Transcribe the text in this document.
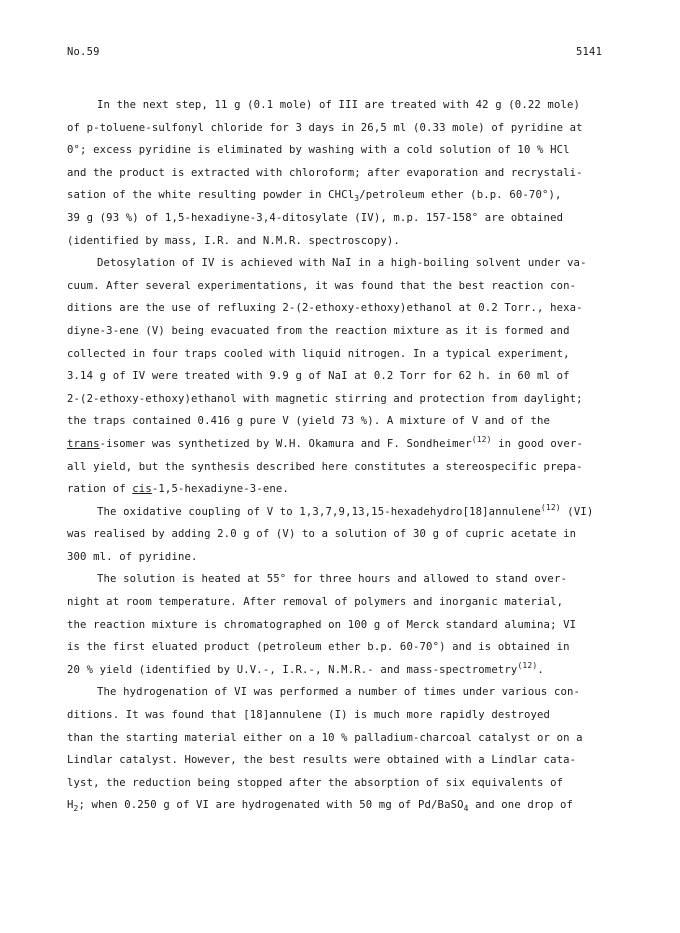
No.59	5141
In the next step, 11 g (0.1 mole) of III are treated with 42 g (0.22 mole)
of p-toluene-sulfonyl chloride for 3 days in 26,5 ml (0.33 mole) of pyridine at
0°; excess pyridine is eliminated by washing with a cold solution of 10 % HCl
and the product is extracted with chloroform; after evaporation and recrystali-
sation of the white resulting powder in CHCl$_3$/petroleum ether (b.p. 60-70°),
39 g (93 %) of 1,5-hexadiyne-3,4-ditosylate (IV), m.p. 157-158° are obtained
(identified by mass, I.R. and N.M.R. spectroscopy).
Detosylation of IV is achieved with NaI in a high-boiling solvent under va-
cuum. After several experimentations, it was found that the best reaction con-
ditions are the use of refluxing 2-(2-ethoxy-ethoxy)ethanol at 0.2 Torr., hexa-
diyne-3-ene (V) being evacuated from the reaction mixture as it is formed and
collected in four traps cooled with liquid nitrogen. In a typical experiment,
3.14 g of IV were treated with 9.9 g of NaI at 0.2 Torr for 62 h. in 60 ml of
2-(2-ethoxy-ethoxy)ethanol with magnetic stirring and protection from daylight;
the traps contained 0.416 g pure V (yield 73 %). A mixture of V and of the
trans-isomer was synthetized by W.H. Okamura and F. Sondheimer$^{(12)}$ in good over-
all yield, but the synthesis described here constitutes a stereospecific prepa-
ration of cis-1,5-hexadiyne-3-ene.
The oxidative coupling of V to 1,3,7,9,13,15-hexadehydro[18]annulene$^{(12)}$ (VI)
was realised by adding 2.0 g of (V) to a solution of 30 g of cupric acetate in
300 ml. of pyridine.
The solution is heated at 55° for three hours and allowed to stand over-
night at room temperature. After removal of polymers and inorganic material,
the reaction mixture is chromatographed on 100 g of Merck standard alumina; VI
is the first eluated product (petroleum ether b.p. 60-70°) and is obtained in
20 % yield (identified by U.V.-, I.R.-, N.M.R.- and mass-spectrometry$^{(12)}$.
The hydrogenation of VI was performed a number of times under various con-
ditions. It was found that [18]annulene (I) is much more rapidly destroyed
than the starting material either on a 10 % palladium-charcoal catalyst or on a
Lindlar catalyst. However, the best results were obtained with a Lindlar cata-
lyst, the reduction being stopped after the absorption of six equivalents of
$H_2$; when 0.250 g of VI are hydrogenated with 50 mg of Pd/BaSO$_4$ and one drop of
